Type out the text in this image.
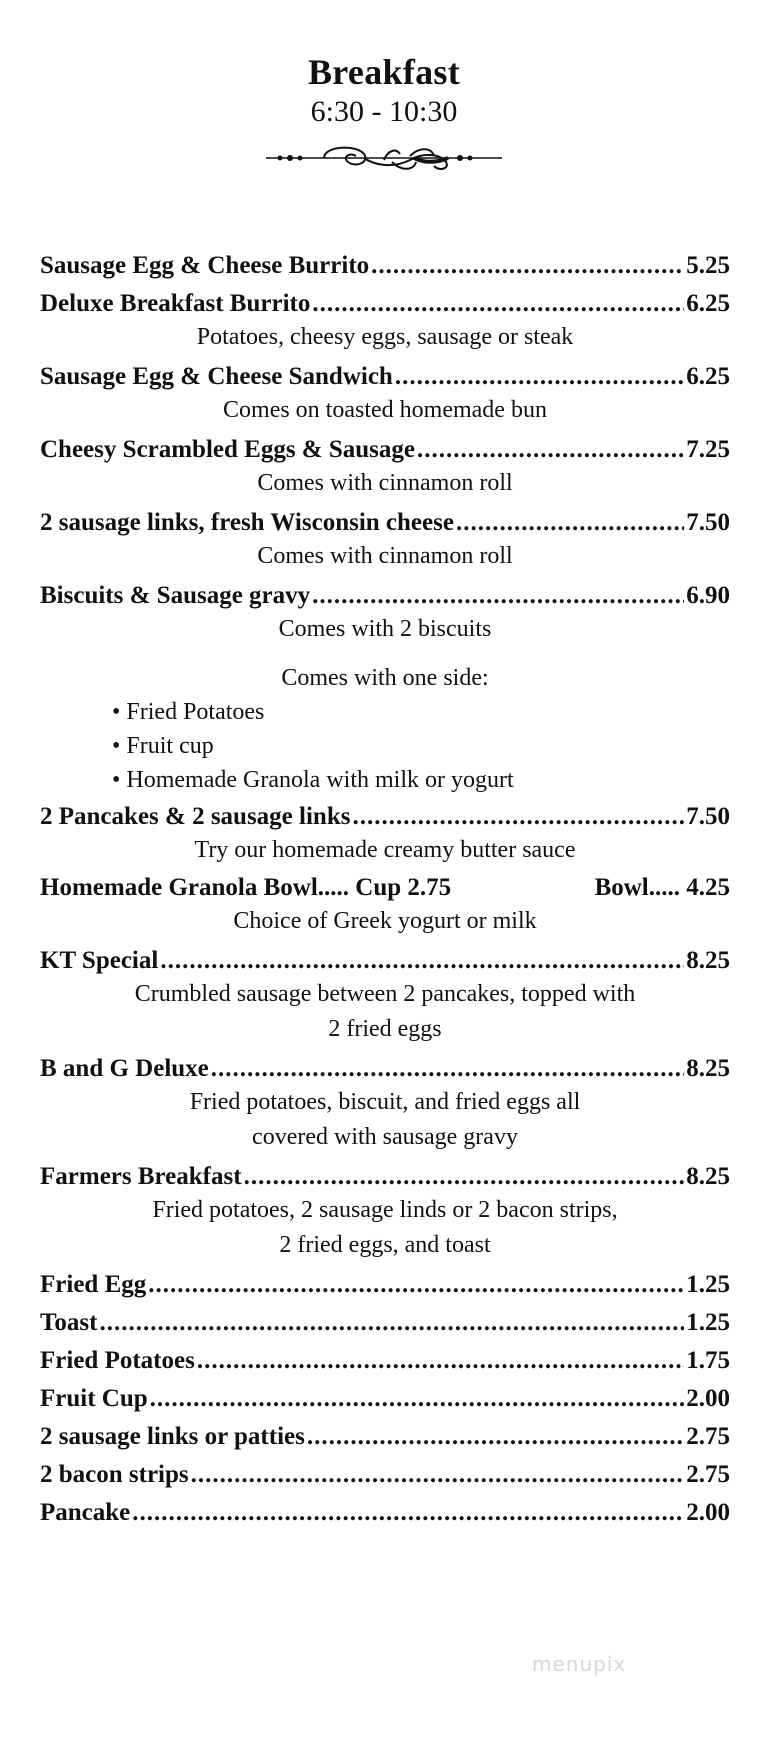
Breakfast
6:30 - 10:30
Sausage Egg & Cheese Burrito .....	5.25
Deluxe Breakfast Burrito .....	6.25
Potatoes, cheesy eggs, sausage or steak
Sausage Egg & Cheese Sandwich .....	6.25
Comes on toasted homemade bun
Cheesy Scrambled Eggs & Sausage .....	7.25
Comes with cinnamon roll
2 sausage links, fresh Wisconsin cheese .....	7.50
Comes with cinnamon roll
Biscuits & Sausage gravy .....	6.90
Comes with 2 biscuits
Comes with one side:
• Fried Potatoes
• Fruit cup
• Homemade Granola with milk or yogurt
2 Pancakes & 2 sausage links .....	7.50
Try our homemade creamy butter sauce
Homemade Granola Bowl..... Cup 2.75	Bowl..... 4.25
Choice of Greek yogurt or milk
KT Special .....	8.25
Crumbled sausage between 2 pancakes, topped with
2 fried eggs
B and G Deluxe .....	8.25
Fried potatoes, biscuit, and fried eggs all
covered with sausage gravy
Farmers Breakfast .....	8.25
Fried potatoes, 2 sausage linds or 2 bacon strips,
2 fried eggs, and toast
Fried Egg .....	1.25
Toast .....	1.25
Fried Potatoes .....	1.75
Fruit Cup .....	2.00
2 sausage links or patties .....	2.75
2 bacon strips .....	2.75
Pancake .....	2.00
menupix
